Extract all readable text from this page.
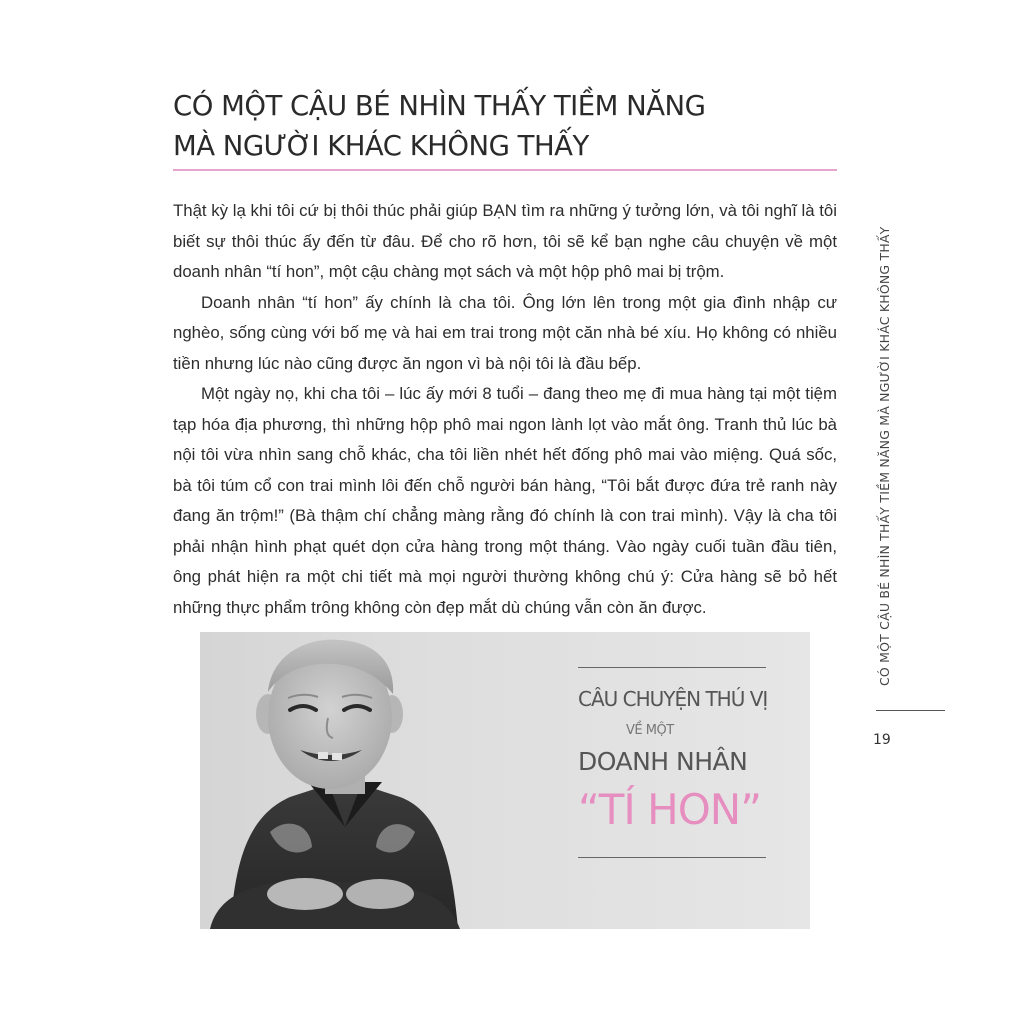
CÓ MỘT CẬU BÉ NHÌN THẤY TIỀM NĂNG
MÀ NGƯỜI KHÁC KHÔNG THẤY

Thật kỳ lạ khi tôi cứ bị thôi thúc phải giúp BẠN tìm ra những ý tưởng lớn, và tôi nghĩ là tôi biết sự thôi thúc ấy đến từ đâu. Để cho rõ hơn, tôi sẽ kể bạn nghe câu chuyện về một doanh nhân “tí hon”, một cậu chàng mọt sách và một hộp phô mai bị trộm.

Doanh nhân “tí hon” ấy chính là cha tôi. Ông lớn lên trong một gia đình nhập cư nghèo, sống cùng với bố mẹ và hai em trai trong một căn nhà bé xíu. Họ không có nhiều tiền nhưng lúc nào cũng được ăn ngon vì bà nội tôi là đầu bếp.

Một ngày nọ, khi cha tôi – lúc ấy mới 8 tuổi – đang theo mẹ đi mua hàng tại một tiệm tạp hóa địa phương, thì những hộp phô mai ngon lành lọt vào mắt ông. Tranh thủ lúc bà nội tôi vừa nhìn sang chỗ khác, cha tôi liền nhét hết đống phô mai vào miệng. Quá sốc, bà tôi túm cổ con trai mình lôi đến chỗ người bán hàng, “Tôi bắt được đứa trẻ ranh này đang ăn trộm!” (Bà thậm chí chẳng màng rằng đó chính là con trai mình). Vậy là cha tôi phải nhận hình phạt quét dọn cửa hàng trong một tháng. Vào ngày cuối tuần đầu tiên, ông phát hiện ra một chi tiết mà mọi người thường không chú ý: Cửa hàng sẽ bỏ hết những thực phẩm trông không còn đẹp mắt dù chúng vẫn còn ăn được.	CÓ MỘT CẬU BÉ NHÌN THẤY TIỀM NĂNG MÀ NGƯỜI KHÁC KHÔNG THẤY
19
CÂU CHUYỆN THÚ VỊ
VỀ MỘT
DOANH NHÂN
“TÍ HON”
